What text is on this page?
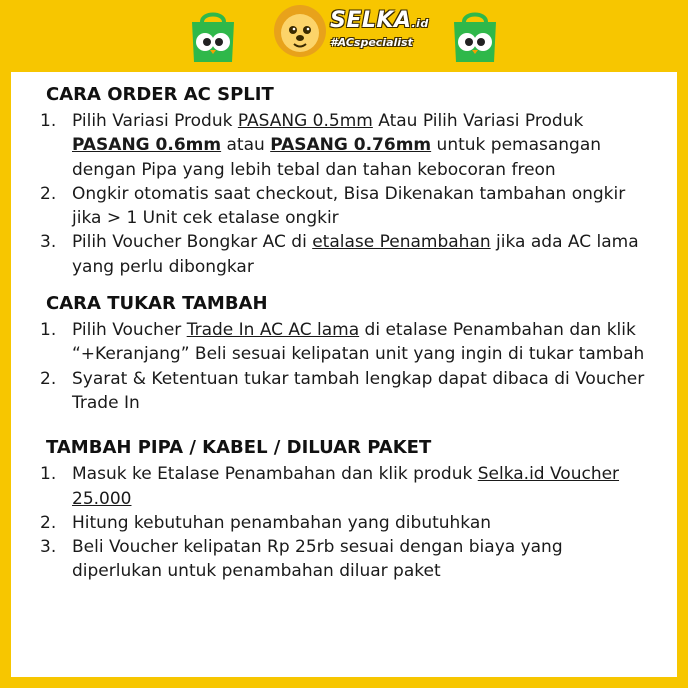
SELKA.id
#ACspecialist
CARA ORDER AC SPLIT
1. Pilih Variasi Produk PASANG 0.5mm Atau Pilih Variasi Produk PASANG 0.6mm atau PASANG 0.76mm untuk pemasangan dengan Pipa yang lebih tebal dan tahan kebocoran freon
2. Ongkir otomatis saat checkout, Bisa Dikenakan tambahan ongkir jika > 1 Unit cek etalase ongkir
3. Pilih Voucher Bongkar AC di etalase Penambahan jika ada AC lama yang perlu dibongkar
CARA TUKAR TAMBAH
1. Pilih Voucher Trade In AC AC lama di etalase Penambahan dan klik “+Keranjang” Beli sesuai kelipatan unit yang ingin di tukar tambah
2. Syarat & Ketentuan tukar tambah lengkap dapat dibaca di Voucher Trade In
TAMBAH PIPA / KABEL / DILUAR PAKET
1. Masuk ke Etalase Penambahan dan klik produk Selka.id Voucher 25.000
2. Hitung kebutuhan penambahan yang dibutuhkan
3. Beli Voucher kelipatan Rp 25rb sesuai dengan biaya yang diperlukan untuk penambahan diluar paket
